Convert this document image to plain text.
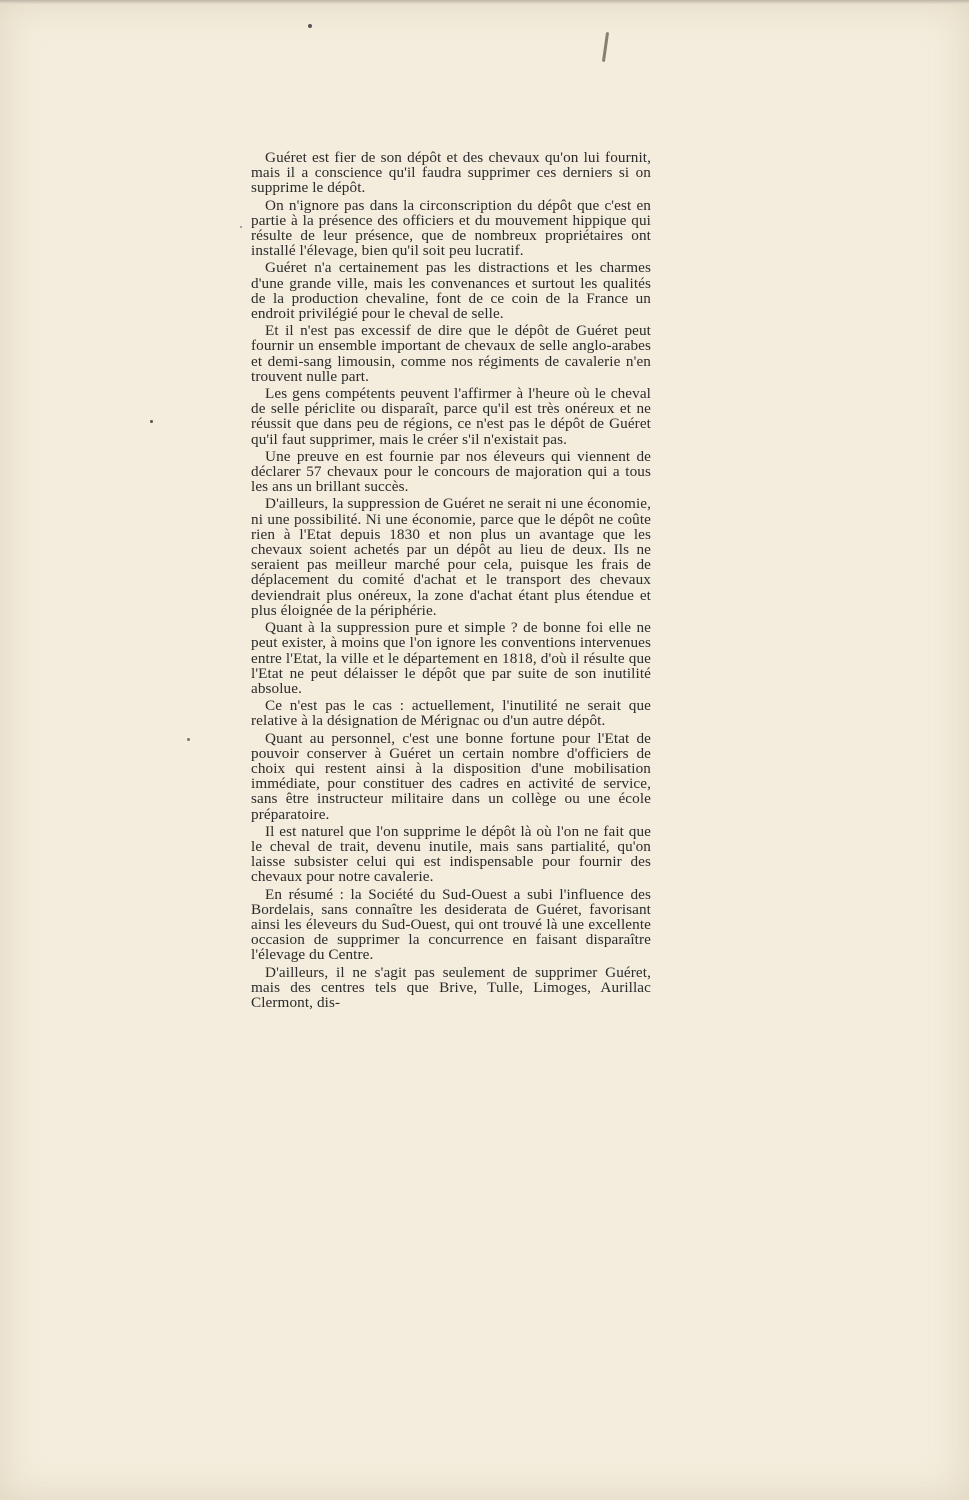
Guéret est fier de son dépôt et des chevaux qu'on lui fournit, mais il a conscience qu'il faudra supprimer ces derniers si on supprime le dépôt.

On n'ignore pas dans la circonscription du dépôt que c'est en partie à la présence des officiers et du mouvement hippique qui résulte de leur présence, que de nombreux propriétaires ont installé l'élevage, bien qu'il soit peu lucratif.

Guéret n'a certainement pas les distractions et les charmes d'une grande ville, mais les convenances et surtout les qualités de la production chevaline, font de ce coin de la France un endroit privilégié pour le cheval de selle.

Et il n'est pas excessif de dire que le dépôt de Guéret peut fournir un ensemble important de chevaux de selle anglo-arabes et demi-sang limousin, comme nos régiments de cavalerie n'en trouvent nulle part.

Les gens compétents peuvent l'affirmer à l'heure où le cheval de selle périclite ou disparaît, parce qu'il est très onéreux et ne réussit que dans peu de régions, ce n'est pas le dépôt de Guéret qu'il faut supprimer, mais le créer s'il n'existait pas.

Une preuve en est fournie par nos éleveurs qui viennent de déclarer 57 chevaux pour le concours de majoration qui a tous les ans un brillant succès.

D'ailleurs, la suppression de Guéret ne serait ni une économie, ni une possibilité. Ni une économie, parce que le dépôt ne coûte rien à l'Etat depuis 1830 et non plus un avantage que les chevaux soient achetés par un dépôt au lieu de deux. Ils ne seraient pas meilleur marché pour cela, puisque les frais de déplacement du comité d'achat et le transport des chevaux deviendrait plus onéreux, la zone d'achat étant plus étendue et plus éloignée de la périphérie.

Quant à la suppression pure et simple ? de bonne foi elle ne peut exister, à moins que l'on ignore les conventions intervenues entre l'Etat, la ville et le département en 1818, d'où il résulte que l'Etat ne peut délaisser le dépôt que par suite de son inutilité absolue.

Ce n'est pas le cas : actuellement, l'inutilité ne serait que relative à la désignation de Mérignac ou d'un autre dépôt.

Quant au personnel, c'est une bonne fortune pour l'Etat de pouvoir conserver à Guéret un certain nombre d'officiers de choix qui restent ainsi à la disposition d'une mobilisation immédiate, pour constituer des cadres en activité de service, sans être instructeur militaire dans un collège ou une école préparatoire.

Il est naturel que l'on supprime le dépôt là où l'on ne fait que le cheval de trait, devenu inutile, mais sans partialité, qu'on laisse subsister celui qui est indispensable pour fournir des chevaux pour notre cavalerie.

En résumé : la Société du Sud-Ouest a subi l'influence des Bordelais, sans connaître les desiderata de Guéret, favorisant ainsi les éleveurs du Sud-Ouest, qui ont trouvé là une excellente occasion de supprimer la concurrence en faisant disparaître l'élevage du Centre.

D'ailleurs, il ne s'agit pas seulement de supprimer Guéret, mais des centres tels que Brive, Tulle, Limoges, Aurillac Clermont, dis-
